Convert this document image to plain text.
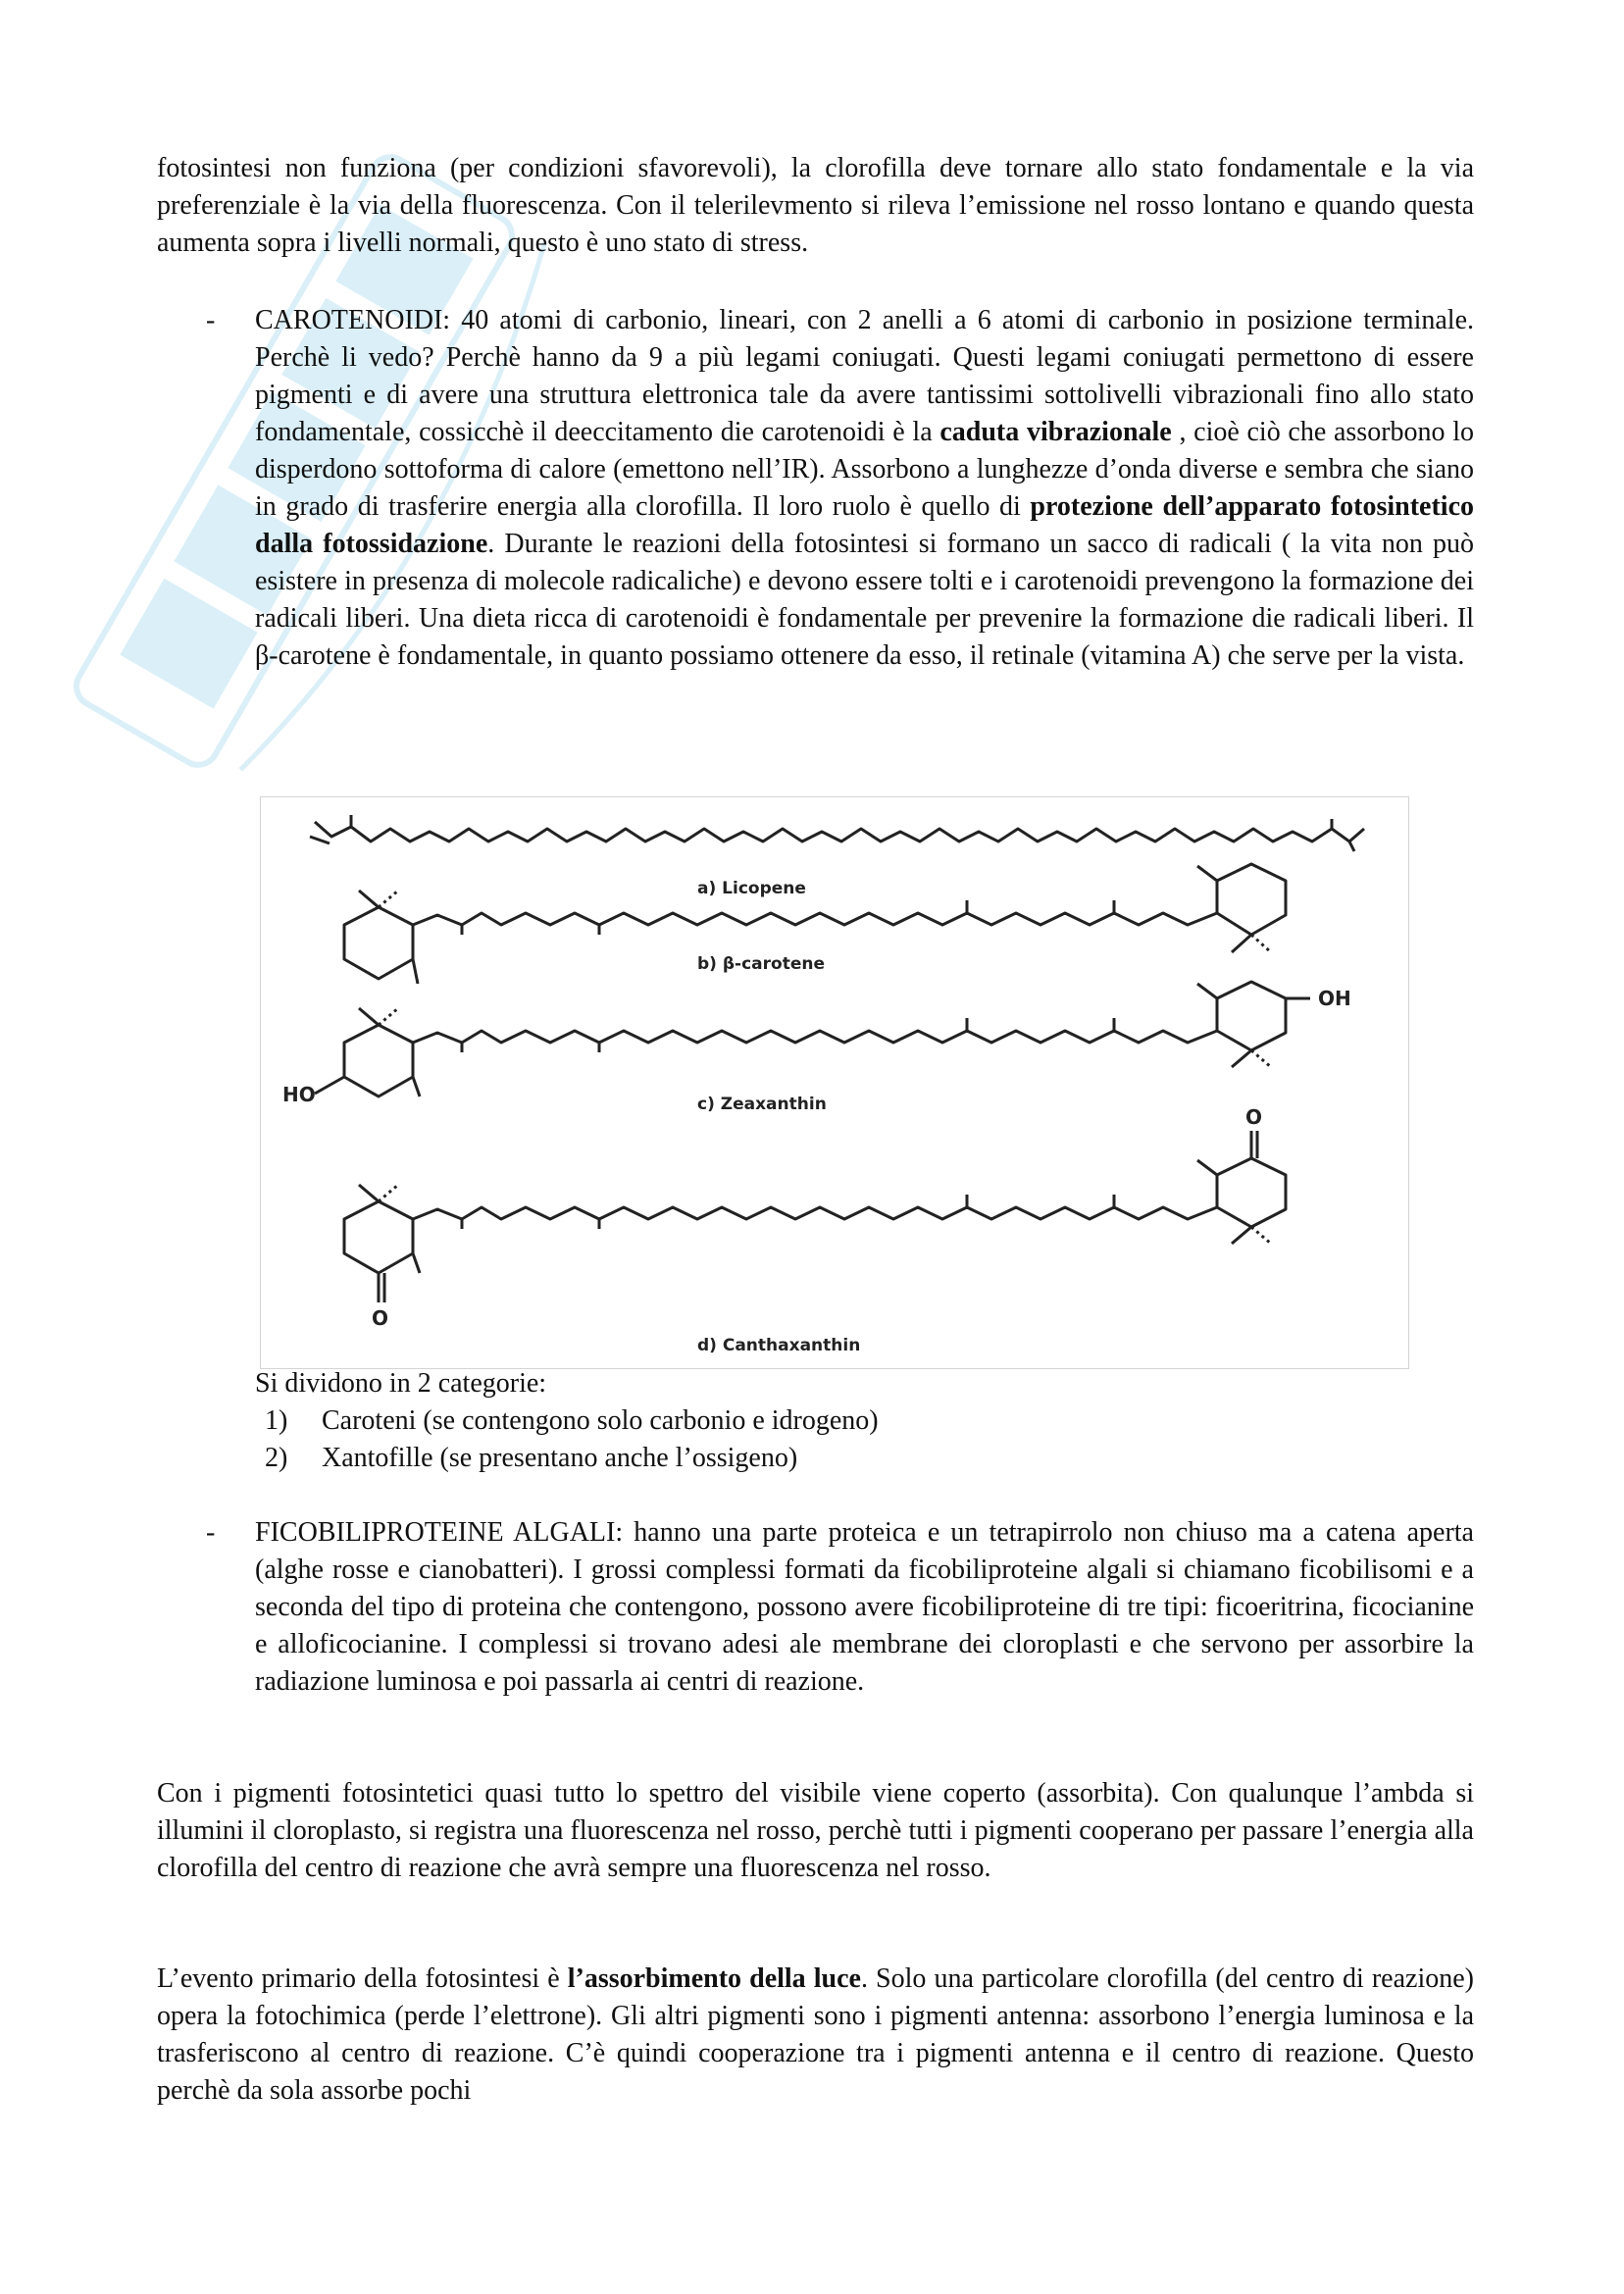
fotosintesi non funziona (per condizioni sfavorevoli), la clorofilla deve tornare allo stato fondamentale e la via preferenziale è la via della fluorescenza. Con il telerilevmento si rileva l’emissione nel rosso lontano e quando questa aumenta sopra i livelli normali, questo è uno stato di stress.

- CAROTENOIDI: 40 atomi di carbonio, lineari, con 2 anelli a 6 atomi di carbonio in posizione terminale. Perchè li vedo? Perchè hanno da 9 a più legami coniugati. Questi legami coniugati permettono di essere pigmenti e di avere una struttura elettronica tale da avere tantissimi sottolivelli vibrazionali fino allo stato fondamentale, cossicchè il deeccitamento die carotenoidi è la caduta vibrazionale , cioè ciò che assorbono lo disperdono sottoforma di calore (emettono nell’IR). Assorbono a lunghezze d’onda diverse e sembra che siano in grado di trasferire energia alla clorofilla. Il loro ruolo è quello di protezione dell’apparato fotosintetico dalla fotossidazione. Durante le reazioni della fotosintesi si formano un sacco di radicali ( la vita non può esistere in presenza di molecole radicaliche) e devono essere tolti e i carotenoidi prevengono la formazione dei radicali liberi. Una dieta ricca di carotenoidi è fondamentale per prevenire la formazione die radicali liberi. Il β-carotene è fondamentale, in quanto possiamo ottenere da esso, il retinale (vitamina A) che serve per la vista.
OH
HO
O
O
a) Licopene
b) β-carotene
c) Zeaxanthin
d) Canthaxanthin
Si dividono in 2 categorie:
1) Caroteni (se contengono solo carbonio e idrogeno)
2) Xantofille (se presentano anche l’ossigeno)
- FICOBILIPROTEINE ALGALI: hanno una parte proteica e un tetrapirrolo non chiuso ma a catena aperta (alghe rosse e cianobatteri). I grossi complessi formati da ficobiliproteine algali si chiamano ficobilisomi e a seconda del tipo di proteina che contengono, possono avere ficobiliproteine di tre tipi: ficoeritrina, ficocianine e alloficocianine. I complessi si trovano adesi ale membrane dei cloroplasti e che servono per assorbire la radiazione luminosa e poi passarla ai centri di reazione.

Con i pigmenti fotosintetici quasi tutto lo spettro del visibile viene coperto (assorbita). Con qualunque l’ambda si illumini il cloroplasto, si registra una fluorescenza nel rosso, perchè tutti i pigmenti cooperano per passare l’energia alla clorofilla del centro di reazione che avrà sempre una fluorescenza nel rosso.

L’evento primario della fotosintesi è l’assorbimento della luce. Solo una particolare clorofilla (del centro di reazione) opera la fotochimica (perde l’elettrone). Gli altri pigmenti sono i pigmenti antenna: assorbono l’energia luminosa e la trasferiscono al centro di reazione. C’è quindi cooperazione tra i pigmenti antenna e il centro di reazione. Questo perchè da sola assorbe pochi
